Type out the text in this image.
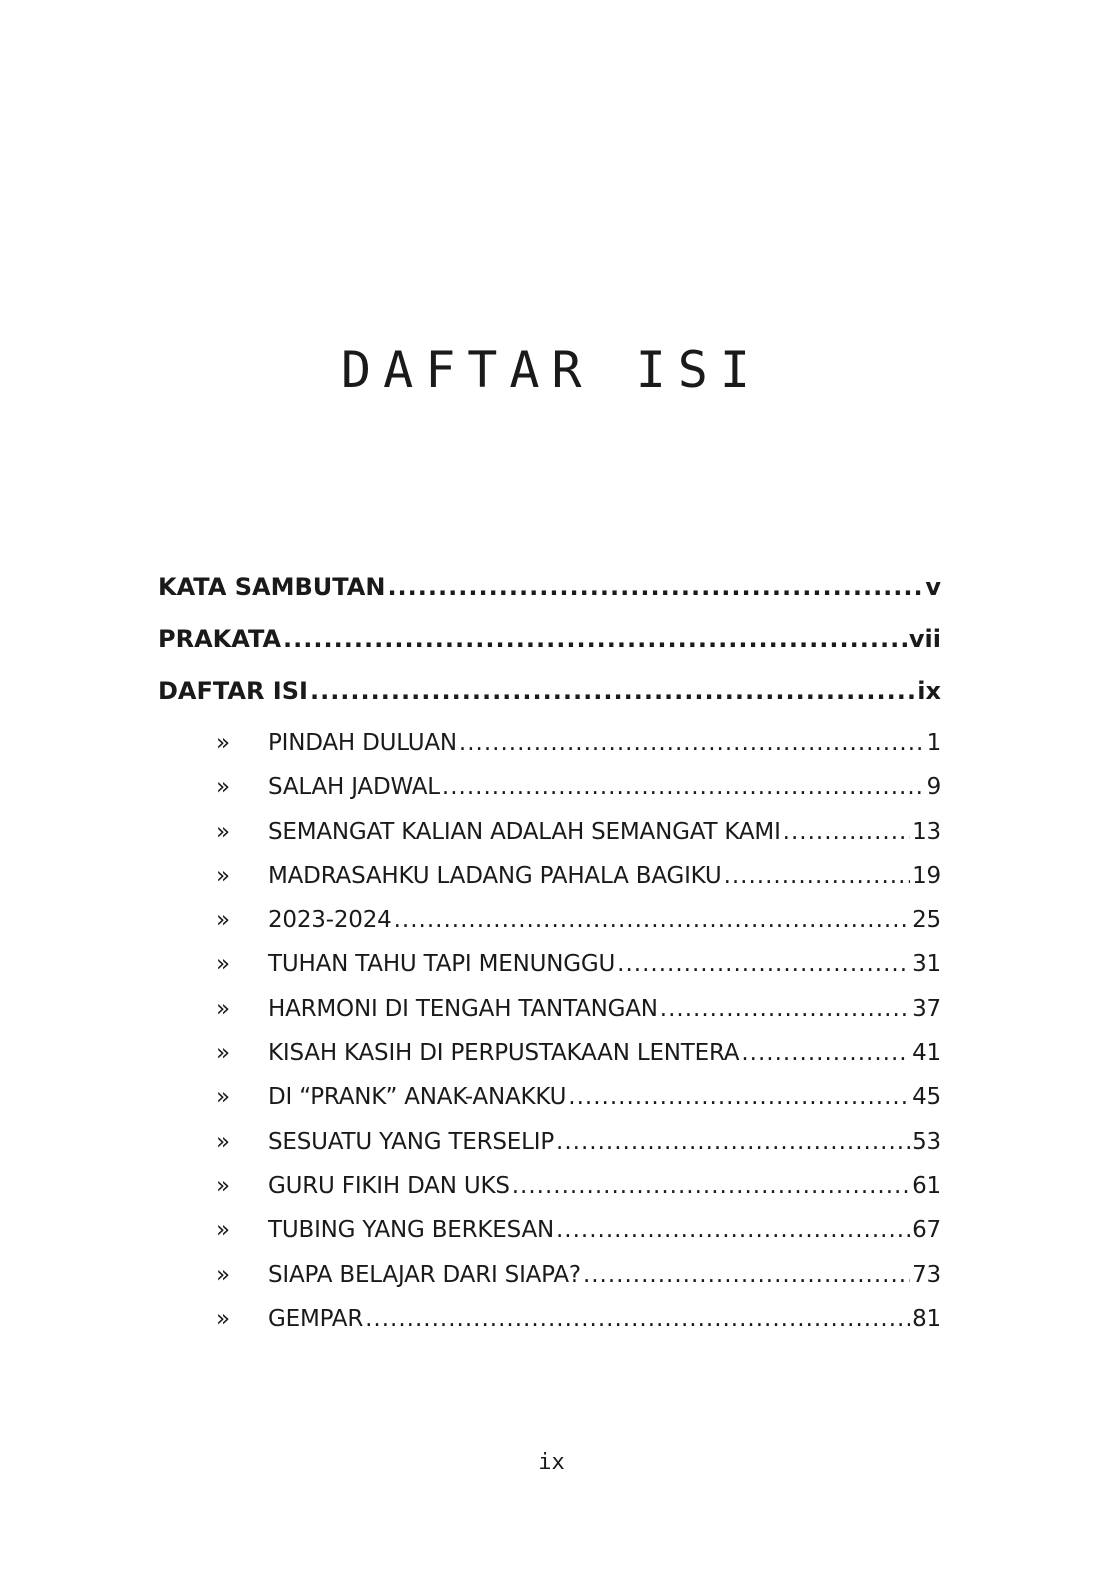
DAFTAR ISI
KATA SAMBUTAN .....	v
PRAKATA .....	vii
DAFTAR ISI .....	ix
»	PINDAH DULUAN .....	1
»	SALAH JADWAL .....	9
»	SEMANGAT KALIAN ADALAH SEMANGAT KAMI .....	13
»	MADRASAHKU LADANG PAHALA BAGIKU .....	19
»	2023-2024 .....	25
»	TUHAN TAHU TAPI MENUNGGU .....	31
»	HARMONI DI TENGAH TANTANGAN .....	37
»	KISAH KASIH DI PERPUSTAKAAN LENTERA .....	41
»	DI “PRANK” ANAK-ANAKKU .....	45
»	SESUATU YANG TERSELIP .....	53
»	GURU FIKIH DAN UKS .....	61
»	TUBING YANG BERKESAN .....	67
»	SIAPA BELAJAR DARI SIAPA? .....	73
»	GEMPAR .....	81

ix
